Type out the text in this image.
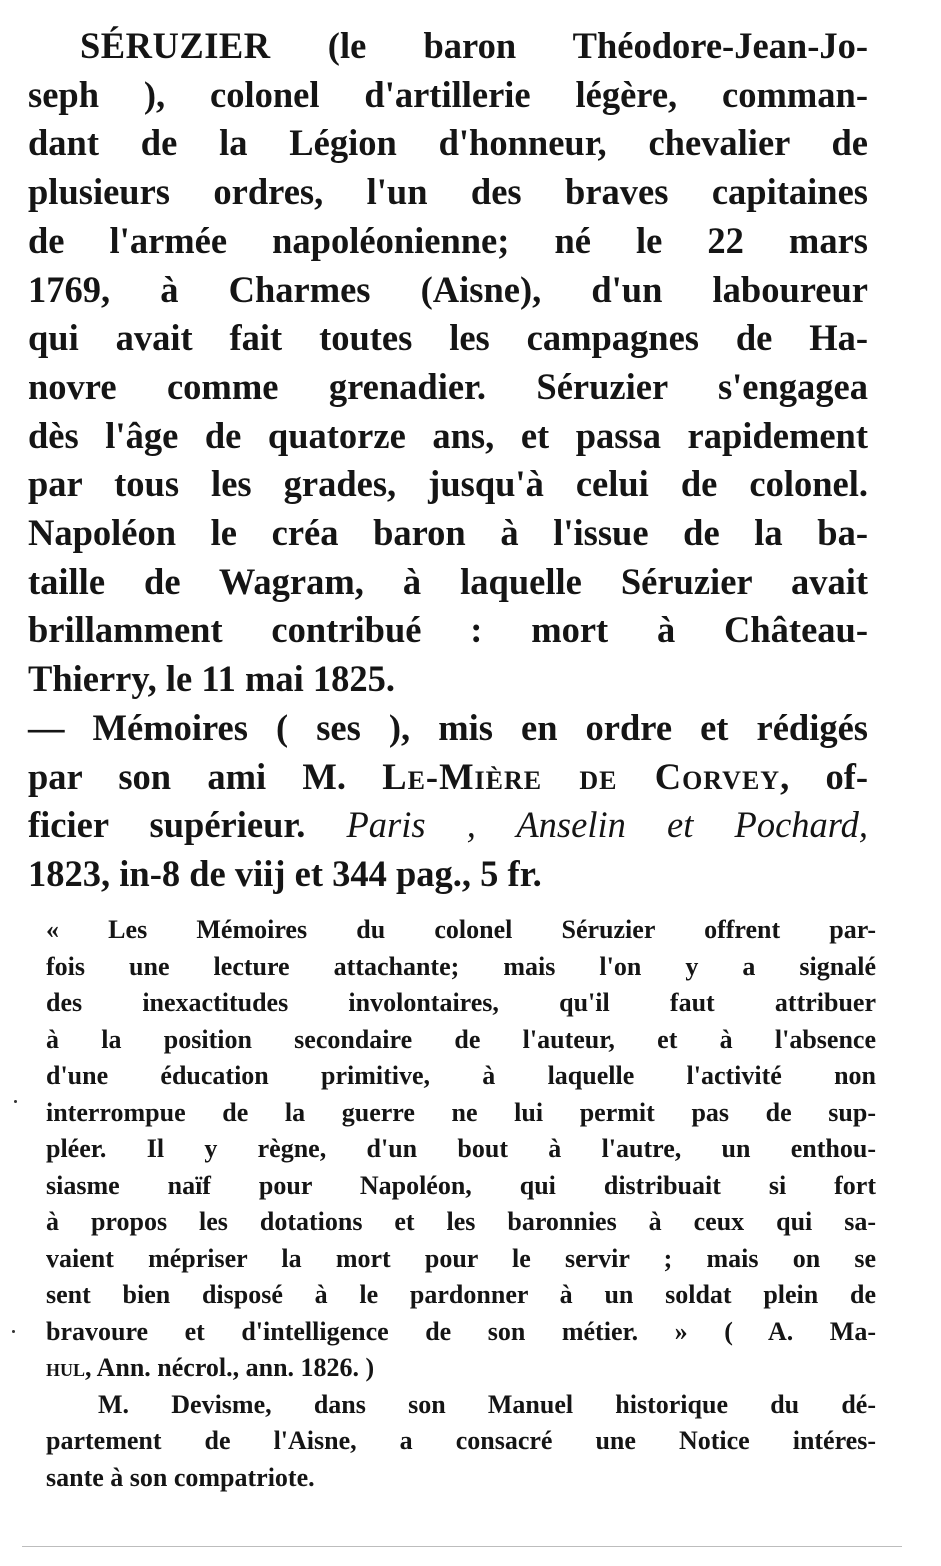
SÉRUZIER (le baron Théodore-Jean-Jo-
seph ), colonel d'artillerie légère, comman-
dant de la Légion d'honneur, chevalier de
plusieurs ordres, l'un des braves capitaines
de l'armée napoléonienne; né le 22 mars
1769, à Charmes (Aisne), d'un laboureur
qui avait fait toutes les campagnes de Ha-
novre comme grenadier. Séruzier s'engagea
dès l'âge de quatorze ans, et passa rapidement
par tous les grades, jusqu'à celui de colonel.
Napoléon le créa baron à l'issue de la ba-
taille de Wagram, à laquelle Séruzier avait
brillamment contribué : mort à Château-
Thierry, le 11 mai 1825.

— Mémoires ( ses ), mis en ordre et rédigés
par son ami M. Le-Mière de Corvey, of-
ficier supérieur. Paris , Anselin et Pochard,
1823, in-8 de viij et 344 pag., 5 fr.

« Les Mémoires du colonel Séruzier offrent par-
fois une lecture attachante; mais l'on y a signalé
des inexactitudes involontaires, qu'il faut attribuer
à la position secondaire de l'auteur, et à l'absence
d'une éducation primitive, à laquelle l'activité non
interrompue de la guerre ne lui permit pas de sup-
pléer. Il y règne, d'un bout à l'autre, un enthou-
siasme naïf pour Napoléon, qui distribuait si fort
à propos les dotations et les baronnies à ceux qui sa-
vaient mépriser la mort pour le servir ; mais on se
sent bien disposé à le pardonner à un soldat plein de
bravoure et d'intelligence de son métier. » ( A. Ma-
hul, Ann. nécrol., ann. 1826. )
M. Devisme, dans son Manuel historique du dé-
partement de l'Aisne, a consacré une Notice intéres-
sante à son compatriote.
